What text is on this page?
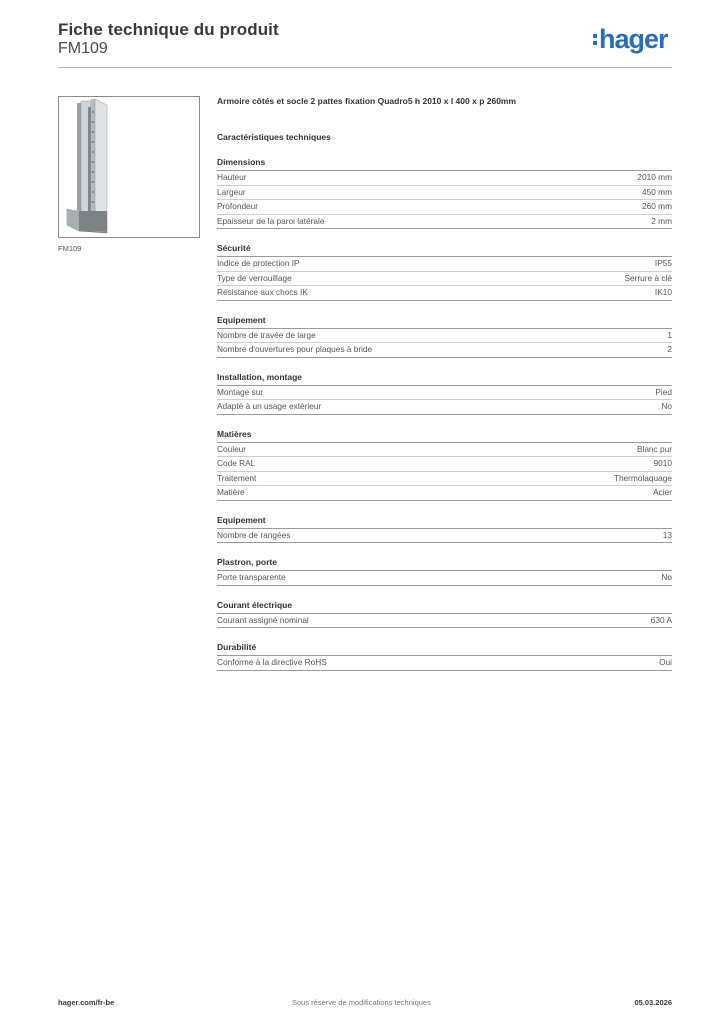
Fiche technique du produit
FM109	hager
FM109

Armoire côtés et socle 2 pattes fixation Quadro5 h 2010 x l 400 x p 260mm

Caractéristiques techniques
Dimensions
Hauteur	2010 mm
Largeur	450 mm
Profondeur	260 mm
Epaisseur de la paroi latérale	2 mm
Sécurité
Indice de protection IP	IP55
Type de verrouillage	Serrure à clé
Résistance aux chocs IK	IK10
Equipement
Nombre de travée de large	1
Nombre d'ouvertures pour plaques à bride	2
Installation, montage
Montage sur	Pied
Adapté à un usage extérieur	No
Matières
Couleur	Blanc pur
Code RAL	9010
Traitement	Thermolaquage
Matière	Acier
Equipement
Nombre de rangées	13
Plastron, porte
Porte transparente	No
Courant électrique
Courant assigné nominal	630 A
Durabilité
Conforme à la directive RoHS	Oui
hager.com/fr-be	Sous réserve de modifications techniques	05.03.2026
